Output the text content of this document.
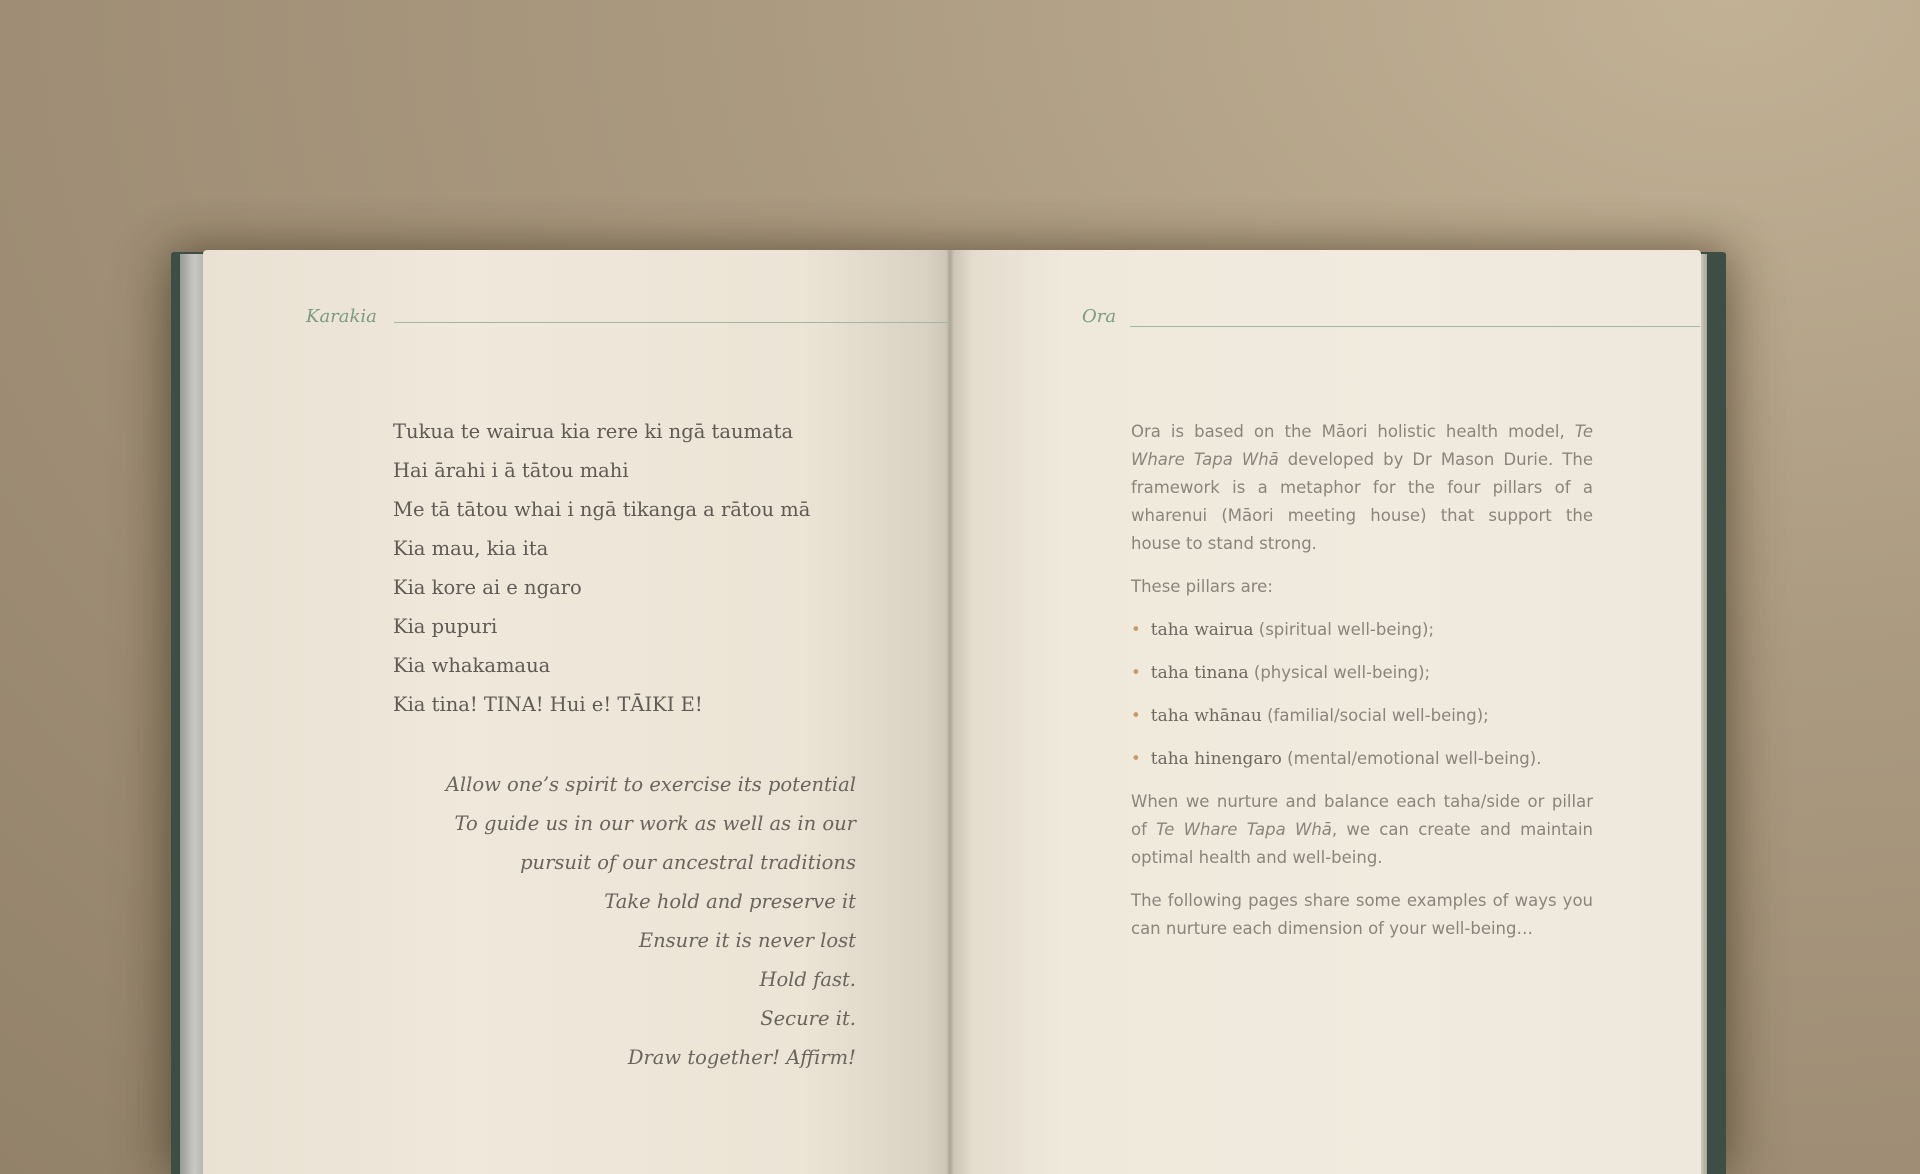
Karakia	Ora
Tukua te wairua kia rere ki ngā taumata
Hai ārahi i ā tātou mahi
Me tā tātou whai i ngā tikanga a rātou mā
Kia mau, kia ita
Kia kore ai e ngaro
Kia pupuri
Kia whakamaua
Kia tina! TINA! Hui e! TĀIKI E!
Allow one’s spirit to exercise its potential
To guide us in our work as well as in our
pursuit of our ancestral traditions
Take hold and preserve it
Ensure it is never lost
Hold fast.
Secure it.
Draw together! Affirm!

Ora is based on the Māori holistic health model, Te Whare Tapa Whā developed by Dr Mason Durie. The framework is a metaphor for the four pillars of a wharenui (Māori meeting house) that support the house to stand strong.

These pillars are:

• taha wairua (spiritual well-being);
• taha tinana (physical well-being);
• taha whānau (familial/social well-being);
• taha hinengaro (mental/emotional well-being).

When we nurture and balance each taha/side or pillar of Te Whare Tapa Whā, we can create and maintain optimal health and well-being.

The following pages share some examples of ways you can nurture each dimension of your well-being…
